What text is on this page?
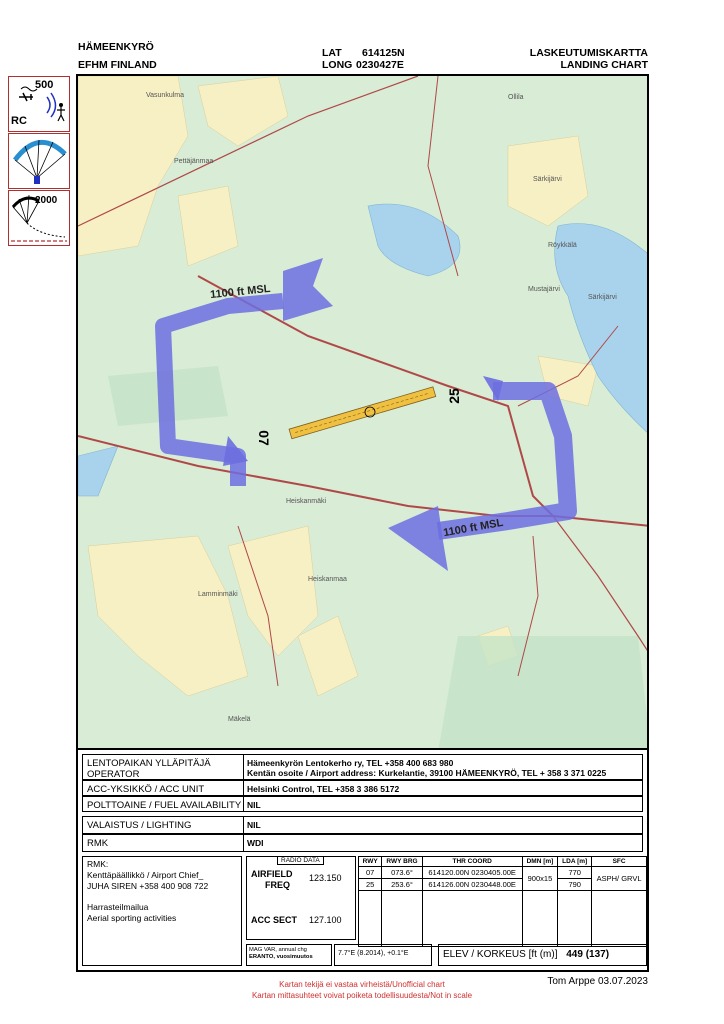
HÄMEENKYRÖ
EFHM FINLAND
LAT 614125N
LONG 0230427E
LASKEUTUMISKARTTA
LANDING CHART
500
RC
2000
1100 ft MSL
1100 ft MSL
07
25
Vasunkulma
Särkijärvi
Särkijärvi
Röykkälä
Mustajärvi
Ollila
Heiskanmäki
Pettäjänmaa
Heiskanmaa
Lamminmäki
Mäkelä
LENTOPAIKAN YLLÄPITÄJÄ
OPERATOR
Hämeenkyrön Lentokerho ry, TEL +358 400 683 980
Kentän osoite / Airport address: Kurkelantie, 39100 HÄMEENKYRÖ, TEL + 358 3 371 0225
ACC-YKSIKKÖ / ACC UNIT	Helsinki Control, TEL +358 3 386 5172
POLTTOAINE / FUEL AVAILABILITY NIL
VALAISTUS / LIGHTING	NIL
RMK	WDI
RMK:
Kenttäpäällikkö / Airport Chief_
JUHA SIREN +358 400 908 722
Harrasteilmailua
Aerial sporting activities
RADIO DATA
AIRFIELD
FREQ
123.150
ACC SECT 127.100
MAG VAR, annual chg
ERANTO, vuosimuutos	7.7°E (8.2014), +0.1°E	ELEV / KORKEUS [ft (m)] 449 (137)
RWY	RWY BRG	THR COORD	DMN [m]	LDA [m]	SFC
07	073.6°	614120.00N 0230405.00E	900x15	770	ASPH/ GRVL
25	253.6°	614126.00N 0230448.00E		790	

Tom Arppe 03.07.2023
Kartan tekijä ei vastaa virheistä/Unofficial chart
Kartan mittasuhteet voivat poiketa todellisuudesta/Not in scale
